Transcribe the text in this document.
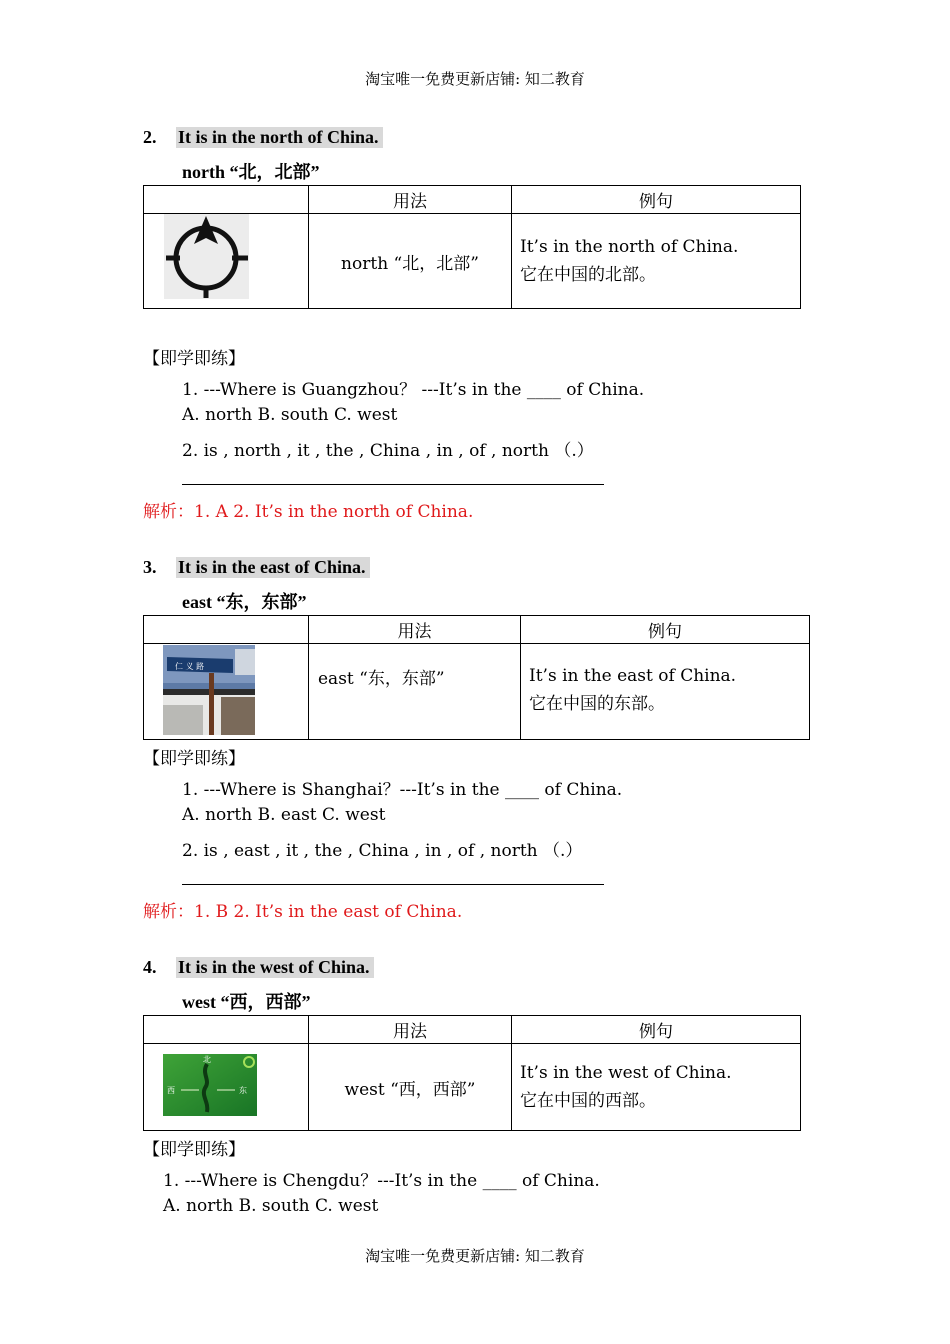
淘宝唯一免费更新店铺: 知二教育
2. It is in the north of China.
north “北，北部”
	用法	例句
	north “北，北部”	It’s in the north of China.
它在中国的北部。
【即学即练】
1. ---Where is Guangzhou？ ---It’s in the ____ of China.
A. north B. south C. west
2. is , north , it , the , China , in , of , north （.）
解析：1. A 2. It’s in the north of China.
3. It is in the east of China.
east “东，东部”
	用法	例句
	east “东，东部”	It’s in the east of China.
它在中国的东部。
仁 义 路
【即学即练】
1. ---Where is Shanghai？---It’s in the ____ of China.
A. north B. east C. west
2. is , east , it , the , China , in , of , north （.）
解析：1. B 2. It’s in the east of China.
4. It is in the west of China.
west “西，西部”
	用法	例句
	west “西，西部”	It’s in the west of China.
它在中国的西部。
北
西	东
【即学即练】
1. ---Where is Chengdu？---It’s in the ____ of China.
A. north B. south C. west
淘宝唯一免费更新店铺: 知二教育
